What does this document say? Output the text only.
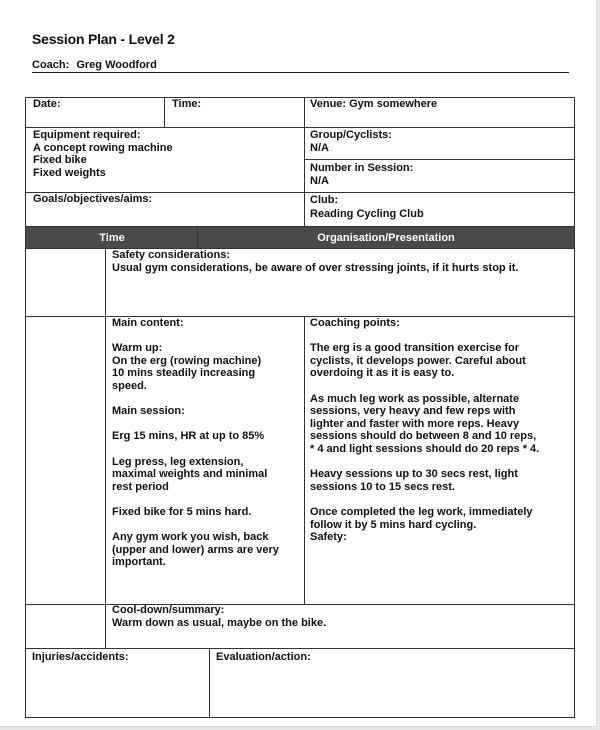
Session Plan - Level 2
Coach: Greg Woodford
Date:	Time:	Venue: Gym somewhere
Equipment required:
A concept rowing machine
Fixed bike
Fixed weights
Group/Cyclists:
N/A
Number in Session:
N/A
Goals/objectives/aims:	Club:
Reading Cycling Club
Time	Organisation/Presentation
Safety considerations:
Usual gym considerations, be aware of over stressing joints, if it hurts stop it.
Main content:
Warm up:
On the erg (rowing machine)
10 mins steadily increasing
speed.
Main session:
Erg 15 mins, HR at up to 85%
Leg press, leg extension,
maximal weights and minimal
rest period
Fixed bike for 5 mins hard.
Any gym work you wish, back
(upper and lower) arms are very
important.
Coaching points:
The erg is a good transition exercise for
cyclists, it develops power. Careful about
overdoing it as it is easy to.
As much leg work as possible, alternate
sessions, very heavy and few reps with
lighter and faster with more reps. Heavy
sessions should do between 8 and 10 reps,
* 4 and light sessions should do 20 reps * 4.
Heavy sessions up to 30 secs rest, light
sessions 10 to 15 secs rest.
Once completed the leg work, immediately
follow it by 5 mins hard cycling.
Safety:
Cool-down/summary:
Warm down as usual, maybe on the bike.
Injuries/accidents:	Evaluation/action:
